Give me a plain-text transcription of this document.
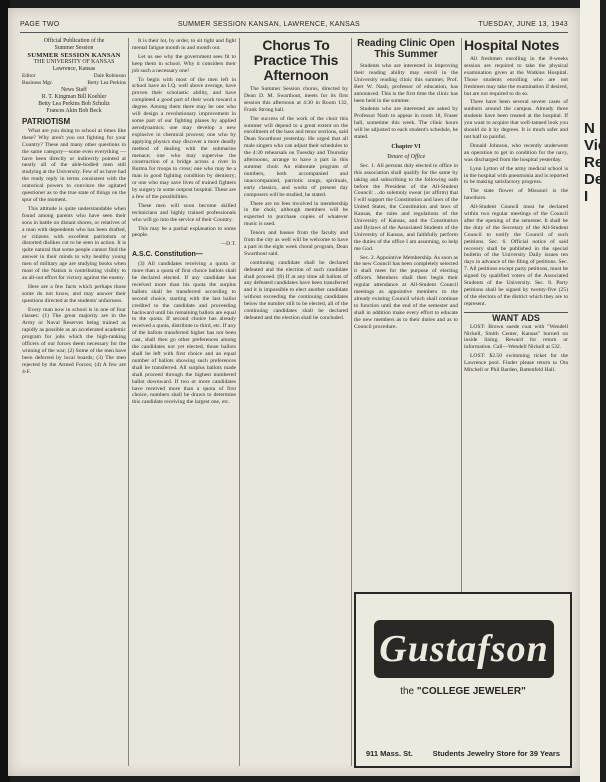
PAGE TWO	SUMMER SESSION KANSAN, LAWRENCE, KANSAS	TUESDAY, JUNE 13, 1943
Official Publication of the
Summer Session
SUMMER SESSION KANSAN
THE UNIVERSITY OF KANSAS
Lawrence, Kansas
Editor	Dale Robinson
Business Mgr.	Betty Lea Perkins
News Staff
R. T. Kingman Bill Koehler
Betty Lea Perkins Bob Schultz
Frances Akin Bob Beck
PATRIOTISM

What are you doing to school at times like these? Why aren't you out fighting for your Country? These and many other questions in the same category—some even everything —have been directly or indirectly pointed at nearly all of the able-bodied men still studying at the University. Few of us have had the ready reply in terms consistent with the oratorical powers to convince the agitated questioner as to the true state of things on the spur of the moment.

This attitude is quite understandable when found among parents who have seen their sons in battle on distant shores, or relatives of a man with dependents who has been drafted, or citizens with excellent patriotism or distorted dislikes cut to be seen in action. It is quite natural that some people cannot find the answer in their minds to why healthy young men of military age are studying books when most of the Nation is contributing visibly to an all-out effort for victory against the enemy.

Here are a few facts which perhaps those some do not know, and may answer their questions directed at the students' unfairness.

Every man now in school is in one of four classes: (1) The great majority are in the Army or Naval Reserves being trained as rapidly as possible as an accelerated academic program for jobs which the high-ranking officers of our forces deem necessary for the winning of the war; (2) Some of the men have been deferred by local boards; (3) The men rejected by the Armed Forces; (4) A few are 4-F.

It is their lot, by order, to sit tight and fight mental fatigue month in and month out.

Let us see why the government sees fit to keep them in school. Why it considers their job such a necessary one!

To begin with most of the men left in school have an I.Q. well above average, have proven their scholastic ability, and have completed a good part of their work toward a degree. Among them there may be one who will design a revolutionary improvement in some part of our fighting planes by applied aerodynamics; one may develop a new explosive in chemical process; one who by applying physics may discover a more deadly method of dealing with the submarine menace; one who may supervise the construction of a bridge across a river in Burma for troops to cross; one who may be a man in good fighting condition by dentistry; or one who may save lives of trained fighters by surgery in some outpost hospital. These are a few of the possibilities.

These men will soon become skilled technicians and highly trained professionals who will go into the service of their Country.

This may be a partial explanation to some people.

—D.T.
A.S.C. Constitution—

(3) All candidates receiving a quota or more than a quota of first choice ballots shall be declared elected. If any candidate has received more than his quota the surplus ballots shall be transferred according to second choice, starting with the last ballot credited to the candidate and proceeding backward until his remaining ballots are equal to the quota. If second choice has already received a quota, distribute to third, etc. If any of the ballots transferred higher has not been cast, shall then go other preferences among the candidates not yet elected, those ballots shall be left with first choice and an equal number of ballots showing such preferences shall be transferred. All surplus ballots made shall proceed through the highest numbered ballot downward. If two or more candidates have received more than a quota of first choice, numbers shall be drawn to determine this candidate receiving the largest one, etc.

Chorus To Practice This Afternoon

The Summer Session chorus, directed by Dean D. M. Swarthout, meets for its first session this afternoon at 4:30 in Room 132, Frank Strong hall.

The success of the work of the choir this summer will depend to a great extent on the enrollment of the bass and tenor sections, said Dean Swarthout yesterday. He urged that all male singers who can adjust their schedules to the 4:30 rehearsals on Tuesday and Thursday afternoons, arrange to have a part in this summer choir. An elaborate program of numbers, both accompanied and unaccompanied, patriotic songs, spirituals, early classics, and works of present day composers will be studied, he stated.

There are no fees involved in membership in the choir, although members will be expected to purchase copies of whatever music is used.

Tenors and basses from the faculty and from the city as well will be welcome to have a part in the eight week choral program, Dean Swarthout said.

continuing candidate shall be declared defeated and the election of such candidate shall proceed. (8) If at any time all ballots of any defeated candidates have been transferred and it is impossible to elect another candidate without exceeding the continuing candidates below the number still to be elected, all of the continuing candidates shall be declared defeated and the election shall be concluded.

Reading Clinic Open This Summer

Students who are interested in improving their reading ability may enroll in the University reading clinic this summer, Prof. Bert W. Nash, professor of education, has announced. This is the first time the clinic has been held in the summer.

Students who are interested are asked by Professor Nash to appear in room 18, Fraser hall, sometime this week. The clinic hours will be adjusted to each student's schedule, he stated.

Chapter VI
Tenure of Office

Sec. 1. All persons duly elected to office in this association shall qualify for the same by taking and subscribing to the following oath before the President of the All-Student Council: ...do solemnly swear (or affirm) that I will support the Constitution and laws of the United States, the Constitution and laws of Kansas, the rules and regulations of the University of Kansas, and the Constitution and Bylaws of the Associated Students of the University of Kansas, and faithfully perform the duties of the office I am assuming, so help me God.

Sec. 2. Appointive Membership. As soon as the new Council has been completely selected it shall meet for the purpose of electing officers. Members shall then begin their regular attendance at All-Student Council meetings as appointive members to the already existing Council which shall continue to function until the end of the semester and shall in addition make every effort to educate the new members as to their duties and as to Council procedure.

Hospital Notes

All freshmen enrolling in the 8-weeks session are required to take the physical examination given at the Watkins Hospital. Those students enrolling who are not freshmen may take the examination if desired, but are not required to do so.

There have been several severe cases of sunburn around the campus. Already three students have been treated at the hospital. If you want to acquire that well-tanned look you should do it by degrees. It is much safer and not half so painful.

Donald Johnson, who recently underwent an operation to get in condition for the navy, was discharged from the hospital yesterday.

Lynn Lytton of the army medical school is in the hospital with pneumonia and is reported to be making satisfactory progress.

The state flower of Missouri is the hawthorn.

All-Student Council must be declared within two regular meetings of the Council after the opening of the semester. It shall be the duty of the Secretary of the All-Student Council to notify the Council of such petitions. Sec. 6. Official notice of said recovery shall be published in the special bulletin of the University Daily issues ten days in advance of the filing of petitions. Sec. 7. All petitions except party petitions, must be signed by qualified voters of the Associated Students of the University. Sec. 8. Party petitions shall be signed by twenty-five (25) of the electors of the district which they are to represent.

WANT ADS

LOST: Brown suede coat with "Wendell Nickell, Smith Center, Kansas" burned on inside lining. Reward for return or information. Call—Wendell Nickell at 532.

LOST: $2.50 swimming ticket for the Lawrence pool. Finder please return to Ota Mitchell or Phil Barden, Battenfeld Hall.

Gustafson
the "COLLEGE JEWELER"
911 Mass. St.	Students Jewelry Store for 39 Years
N
Vic
Re
De
I
